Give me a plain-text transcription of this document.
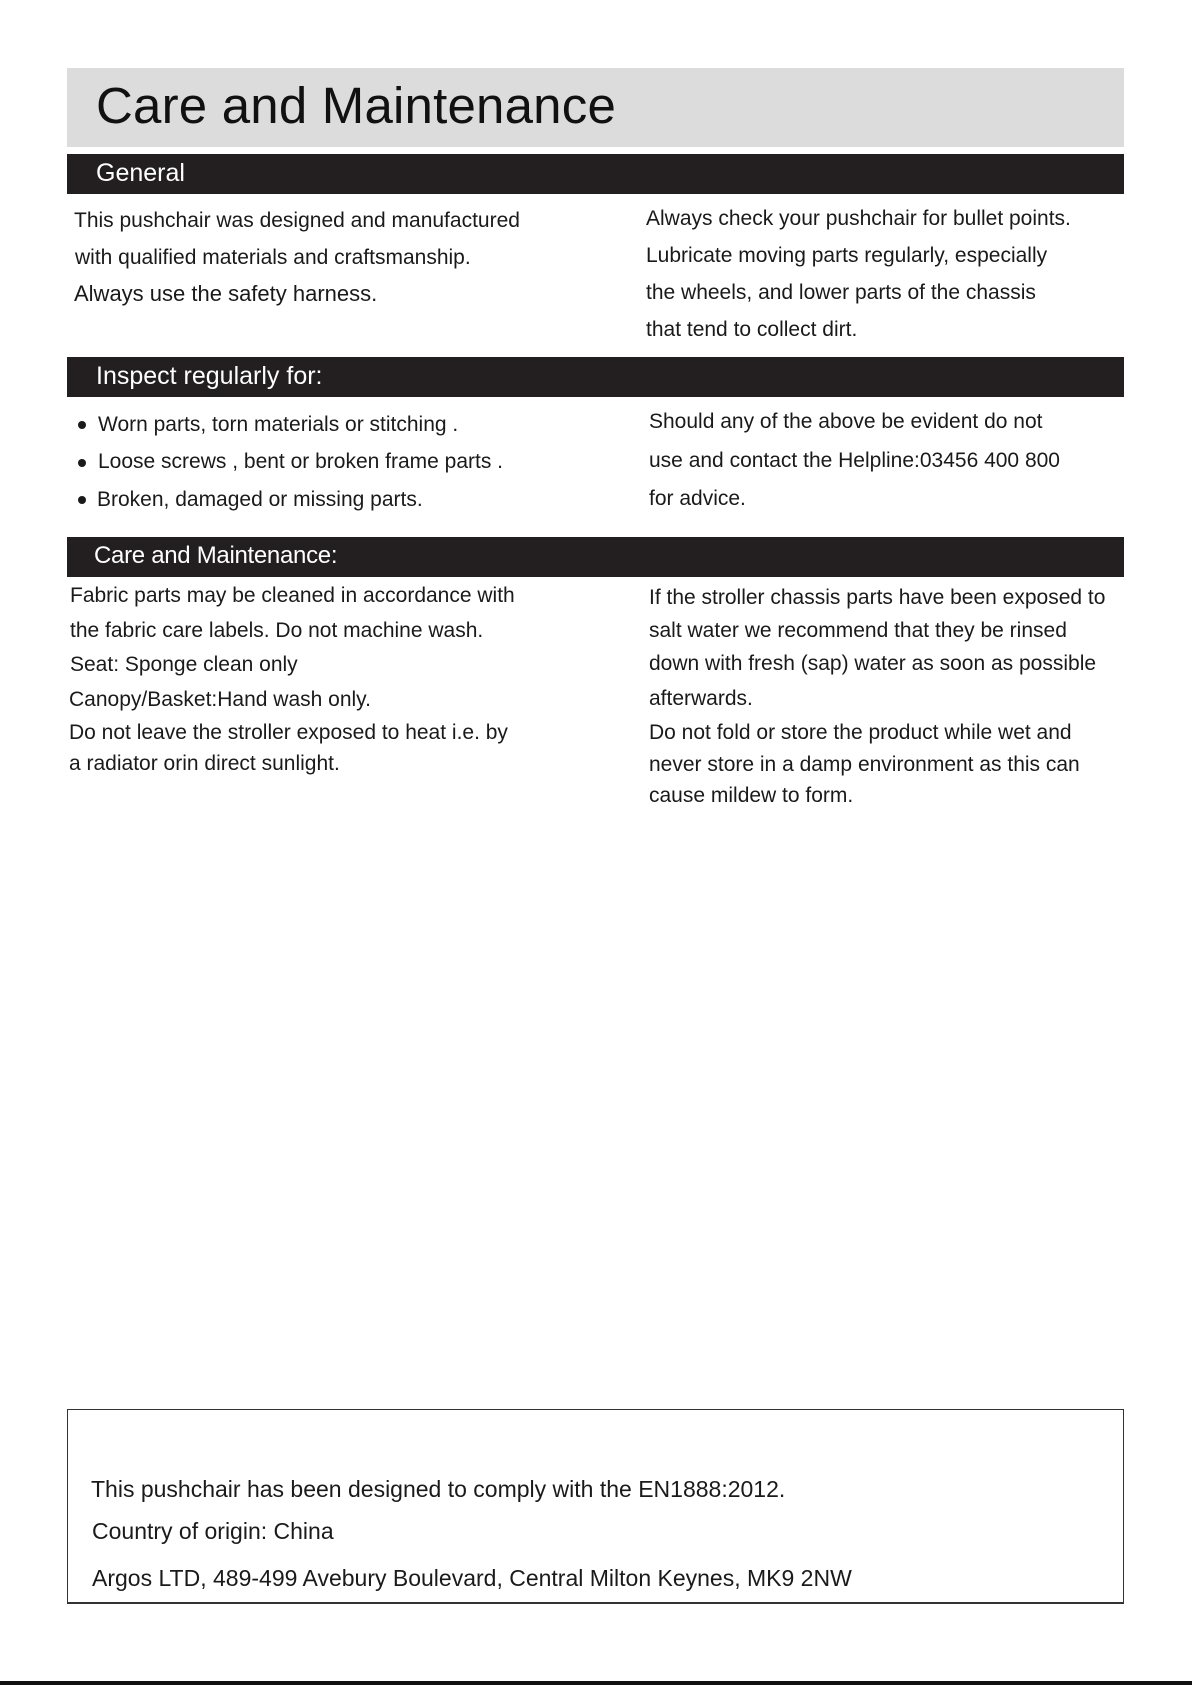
Care and Maintenance
General

This pushchair was designed and manufactured

with qualified materials and craftsmanship.

Always use the safety harness.

Always check your pushchair for bullet points.

Lubricate moving parts regularly, especially

the wheels, and lower parts of the chassis

that tend to collect dirt.

Inspect regularly for:

Worn parts, torn materials or stitching .

Loose screws , bent or broken frame parts .

Broken, damaged or missing parts.

Should any of the above be evident do not

use and contact the Helpline:03456 400 800

for advice.

Care and Maintenance:

Fabric parts may be cleaned in accordance with

the fabric care labels. Do not machine wash.

Seat: Sponge clean only

Canopy/Basket:Hand wash only.

Do not leave the stroller exposed to heat i.e. by

a radiator orin direct sunlight.

If the stroller chassis parts have been exposed to

salt water we recommend that they be rinsed

down with fresh (sap) water as soon as possible

afterwards.

Do not fold or store the product while wet and

never store in a damp environment as this can

cause mildew to form.

This pushchair has been designed to comply with the EN1888:2012.

Country of origin: China

Argos LTD, 489-499 Avebury Boulevard, Central Milton Keynes, MK9 2NW
